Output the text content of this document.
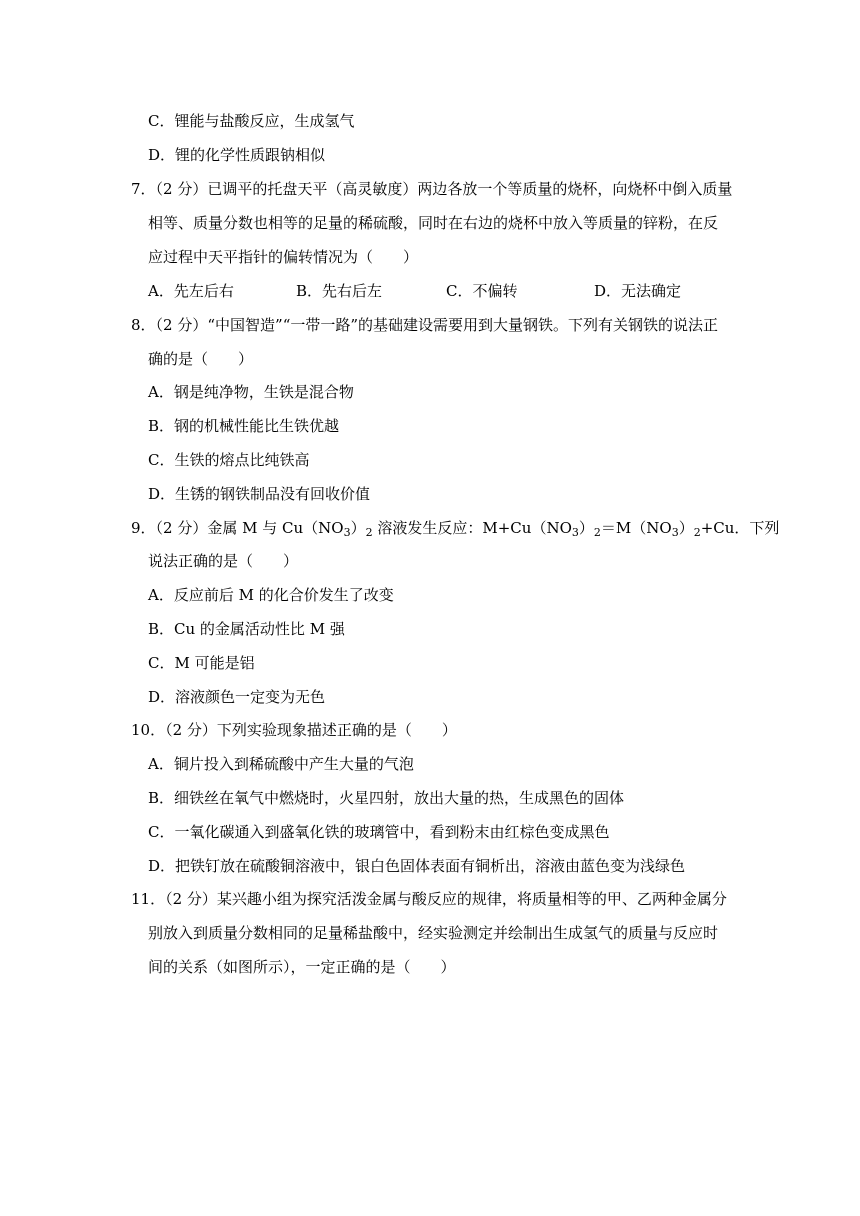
C．锂能与盐酸反应，生成氢气
D．锂的化学性质跟钠相似
7．（2 分）已调平的托盘天平（高灵敏度）两边各放一个等质量的烧杯，向烧杯中倒入质量
相等、质量分数也相等的足量的稀硫酸，同时在右边的烧杯中放入等质量的锌粉，在反
应过程中天平指针的偏转情况为（　　）
A．先左后右	B．先右后左	C．不偏转	D．无法确定
8．（2 分）“中国智造”“一带一路”的基础建设需要用到大量钢铁。下列有关钢铁的说法正
确的是（　　）
A．钢是纯净物，生铁是混合物
B．钢的机械性能比生铁优越
C．生铁的熔点比纯铁高
D．生锈的钢铁制品没有回收价值
9．（2 分）金属 M 与 $Cu(NO_3)_2$ 溶液发生反应：$M+Cu(NO_3)_2=M(NO_3)_2+Cu$．下列
说法正确的是（　　）
A．反应前后 M 的化合价发生了改变
B．Cu 的金属活动性比 M 强
C．M 可能是铝
D．溶液颜色一定变为无色
10．（2 分）下列实验现象描述正确的是（　　）
A．铜片投入到稀硫酸中产生大量的气泡
B．细铁丝在氧气中燃烧时，火星四射，放出大量的热，生成黑色的固体
C．一氧化碳通入到盛氧化铁的玻璃管中，看到粉末由红棕色变成黑色
D．把铁钉放在硫酸铜溶液中，银白色固体表面有铜析出，溶液由蓝色变为浅绿色
11．（2 分）某兴趣小组为探究活泼金属与酸反应的规律，将质量相等的甲、乙两种金属分
别放入到质量分数相同的足量稀盐酸中，经实验测定并绘制出生成氢气的质量与反应时
间的关系（如图所示），一定正确的是（　　）
